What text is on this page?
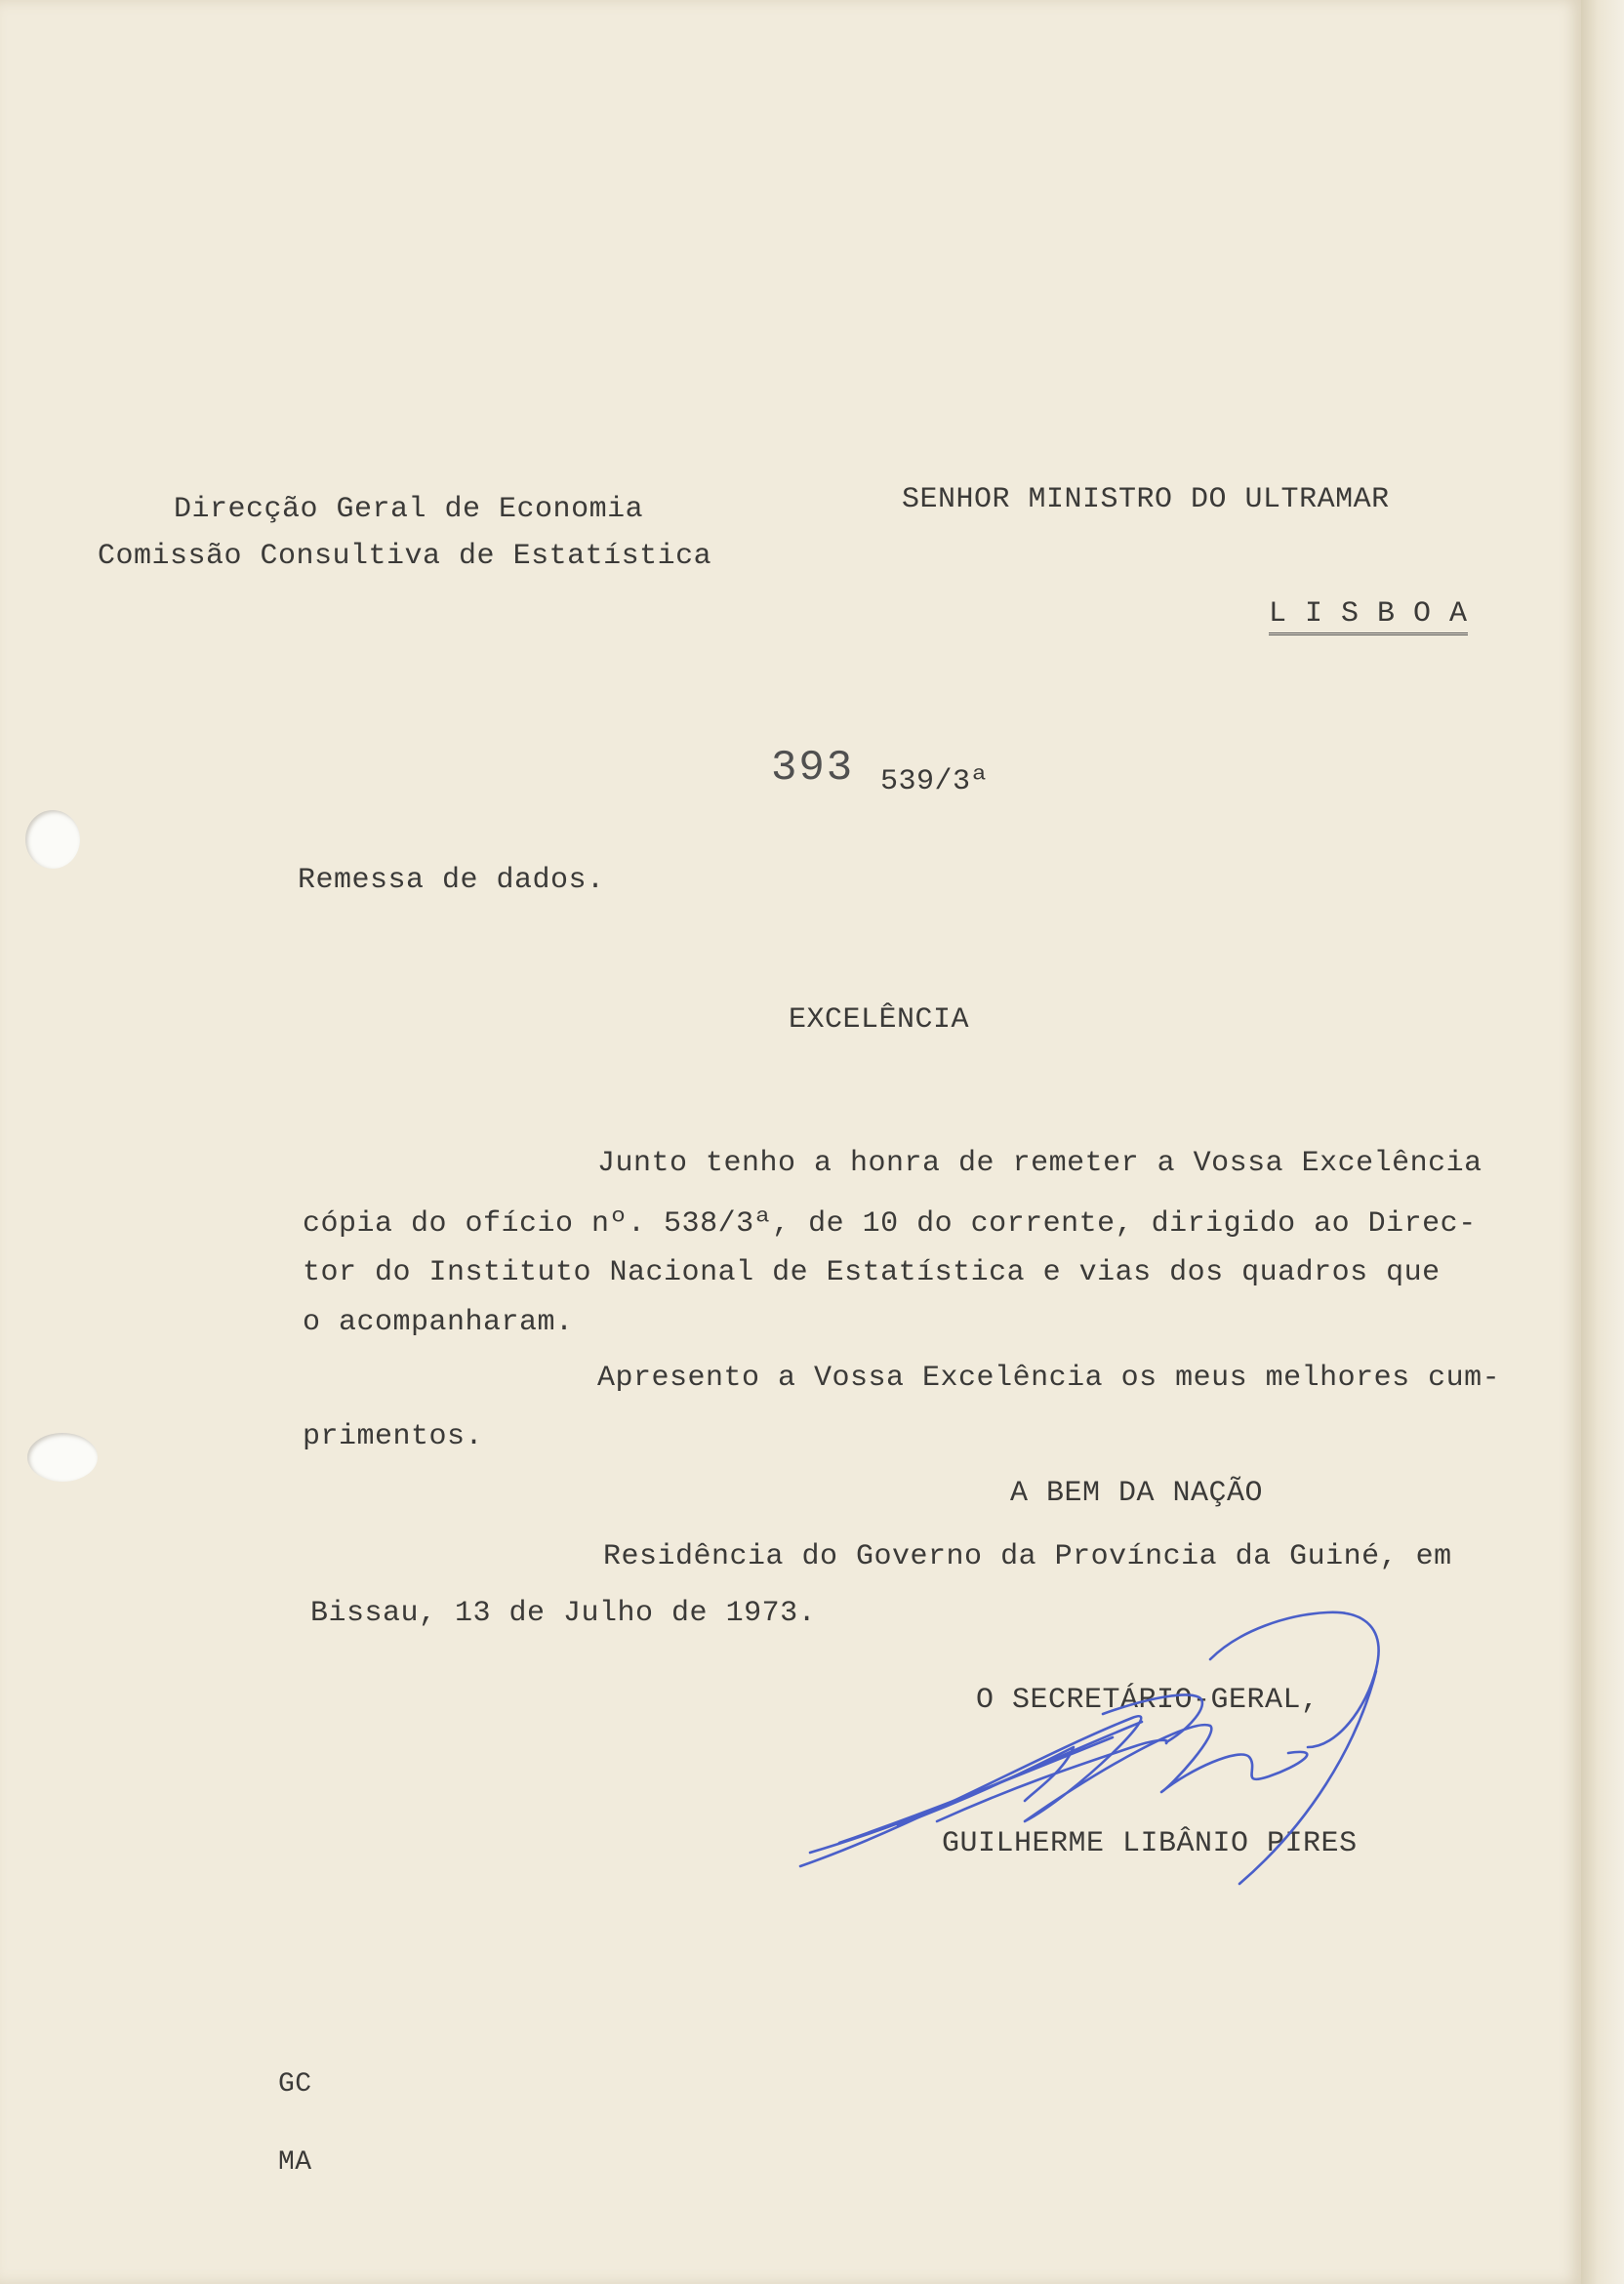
Direcção Geral de Economia
Comissão Consultiva de Estatística
SENHOR MINISTRO DO ULTRAMAR
L I S B O A
393 539/3ª
Remessa de dados.
EXCELÊNCIA
Junto tenho a honra de remeter a Vossa Excelência
cópia do ofício nº. 538/3ª, de 10 do corrente, dirigido ao Direc-
tor do Instituto Nacional de Estatística e vias dos quadros que
o acompanharam.
Apresento a Vossa Excelência os meus melhores cum-
primentos.
A BEM DA NAÇÃO
Residência do Governo da Província da Guiné, em
Bissau, 13 de Julho de 1973.
O SECRETÁRIO-GERAL,
GUILHERME LIBÂNIO PIRES
GC
MA
